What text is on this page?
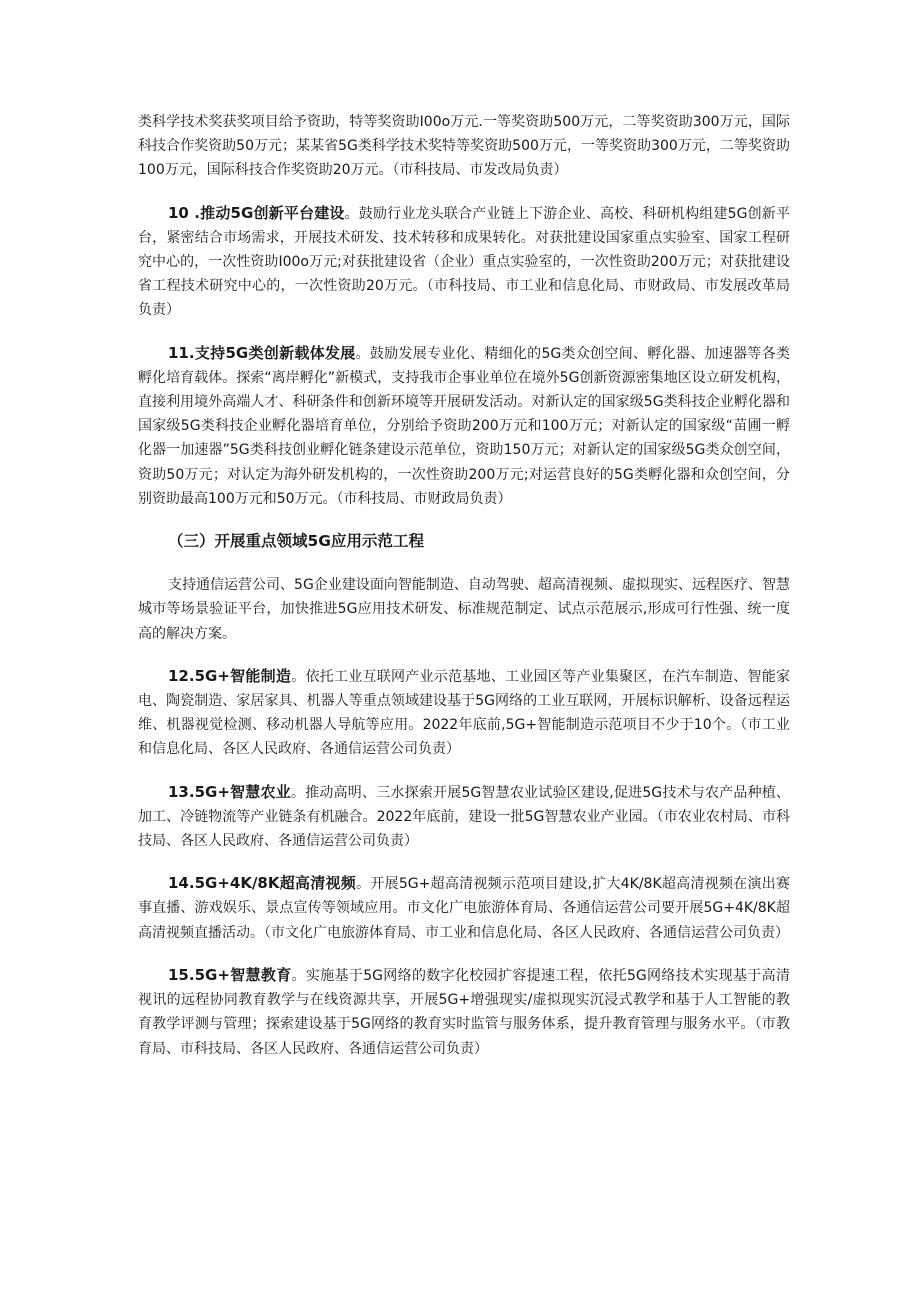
类科学技术奖获奖项目给予资助，特等奖资助I00o万元.一等奖资助500万元，二等奖资助300万元，国际科技合作奖资助50万元；某某省5G类科学技术奖特等奖资助500万元，一等奖资助300万元，二等奖资助100万元，国际科技合作奖资助20万元。（市科技局、市发改局负责）

10 .推动5G创新平台建设。鼓励行业龙头联合产业链上下游企业、高校、科研机构组建5G创新平台，紧密结合市场需求，开展技术研发、技术转移和成果转化。对获批建设国家重点实验室、国家工程研究中心的，一次性资助I00o万元;对获批建设省（企业）重点实验室的，一次性资助200万元；对获批建设省工程技术研究中心的，一次性资助20万元。（市科技局、市工业和信息化局、市财政局、市发展改革局负责）

11.支持5G类创新载体发展。鼓励发展专业化、精细化的5G类众创空间、孵化器、加速器等各类孵化培育载体。探索“离岸孵化”新模式，支持我市企事业单位在境外5G创新资源密集地区设立研发机构，直接利用境外高端人才、科研条件和创新环境等开展研发活动。对新认定的国家级5G类科技企业孵化器和国家级5G类科技企业孵化器培育单位，分别给予资助200万元和100万元；对新认定的国家级“苗圃一孵化器一加速器”5G类科技创业孵化链条建设示范单位，资助150万元；对新认定的国家级5G类众创空间，资助50万元；对认定为海外研发机构的，一次性资助200万元;对运营良好的5G类孵化器和众创空间，分别资助最高100万元和50万元。（市科技局、市财政局负责）

（三）开展重点领域5G应用示范工程

支持通信运营公司、5G企业建设面向智能制造、自动驾驶、超高清视频、虚拟现实、远程医疗、智慧城市等场景验证平台，加快推进5G应用技术研发、标准规范制定、试点示范展示,形成可行性强、统一度高的解决方案。

12.5G+智能制造。依托工业互联网产业示范基地、工业园区等产业集聚区，在汽车制造、智能家电、陶瓷制造、家居家具、机器人等重点领域建设基于5G网络的工业互联网，开展标识解析、设备远程运维、机器视觉检测、移动机器人导航等应用。2022年底前,5G+智能制造示范项目不少于10个。（市工业和信息化局、各区人民政府、各通信运营公司负责）

13.5G+智慧农业。推动高明、三水探索开展5G智慧农业试验区建设,促进5G技术与农产品种植、加工、冷链物流等产业链条有机融合。2022年底前，建设一批5G智慧农业产业园。（市农业农村局、市科技局、各区人民政府、各通信运营公司负责）

14.5G+4K/8K超高清视频。开展5G+超高清视频示范项目建设,扩大4K/8K超高清视频在演出赛事直播、游戏娱乐、景点宣传等领域应用。市文化广电旅游体育局、各通信运营公司要开展5G+4K/8K超高清视频直播活动。（市文化广电旅游体育局、市工业和信息化局、各区人民政府、各通信运营公司负责）

15.5G+智慧教育。实施基于5G网络的数字化校园扩容提速工程，依托5G网络技术实现基于高清视讯的远程协同教育教学与在线资源共享，开展5G+增强现实/虚拟现实沉浸式教学和基于人工智能的教育教学评测与管理；探索建设基于5G网络的教育实时监管与服务体系，提升教育管理与服务水平。（市教育局、市科技局、各区人民政府、各通信运营公司负责）
